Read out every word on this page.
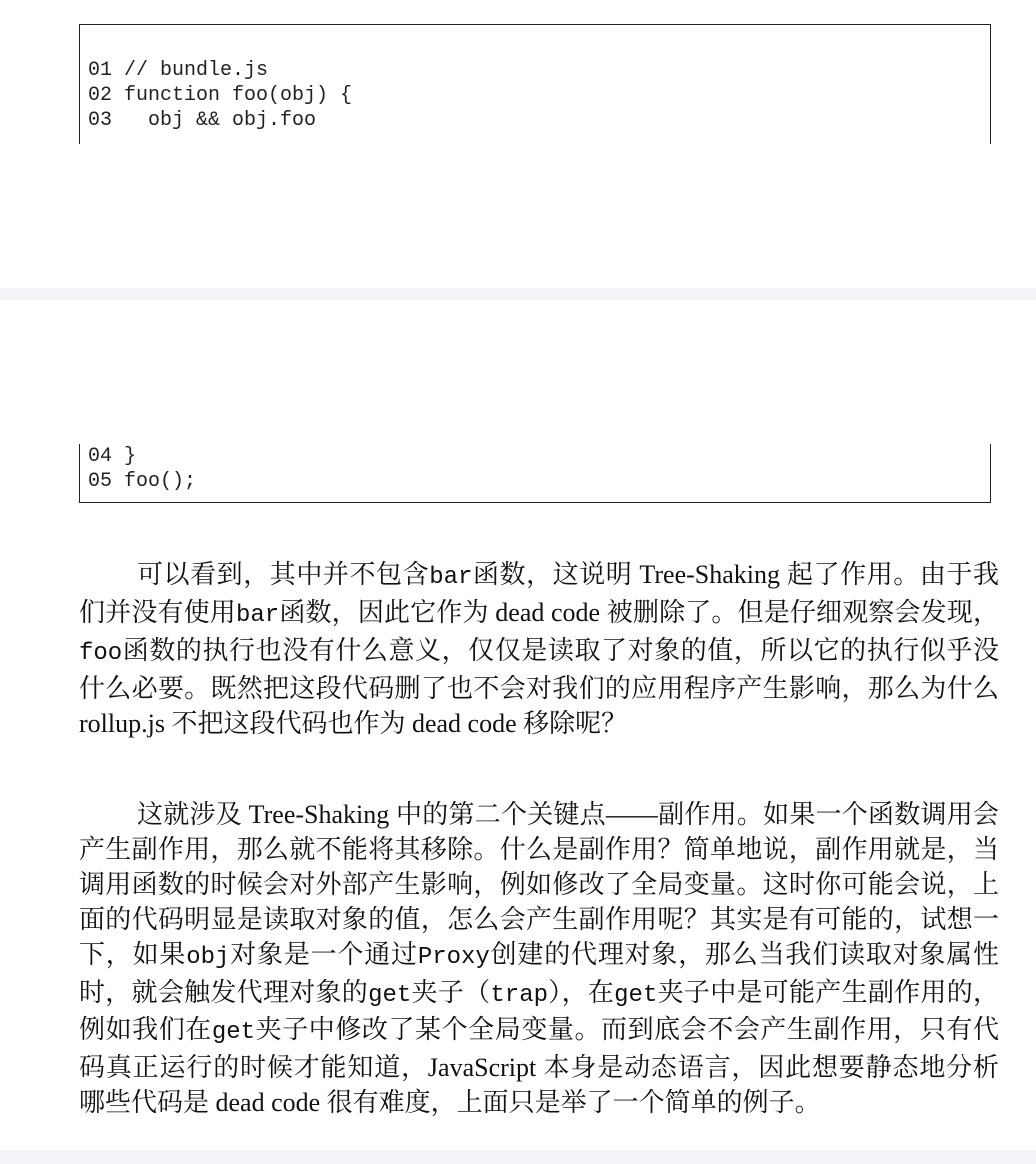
01 // bundle.js
02 function foo(obj) {
03   obj && obj.foo
04 }
05 foo();

可以看到，其中并不包含bar函数，这说明 Tree-Shaking 起了作用。由于我们并没有使用bar函数，因此它作为 dead code 被删除了。但是仔细观察会发现，foo函数的执行也没有什么意义，仅仅是读取了对象的值，所以它的执行似乎没什么必要。既然把这段代码删了也不会对我们的应用程序产生影响，那么为什么 rollup.js 不把这段代码也作为 dead code 移除呢？

这就涉及 Tree-Shaking 中的第二个关键点——副作用。如果一个函数调用会产生副作用，那么就不能将其移除。什么是副作用？简单地说，副作用就是，当调用函数的时候会对外部产生影响，例如修改了全局变量。这时你可能会说，上面的代码明显是读取对象的值，怎么会产生副作用呢？其实是有可能的，试想一下，如果obj对象是一个通过Proxy创建的代理对象，那么当我们读取对象属性时，就会触发代理对象的get夹子（trap），在get夹子中是可能产生副作用的，例如我们在get夹子中修改了某个全局变量。而到底会不会产生副作用，只有代码真正运行的时候才能知道，JavaScript 本身是动态语言，因此想要静态地分析哪些代码是 dead code 很有难度，上面只是举了一个简单的例子。
